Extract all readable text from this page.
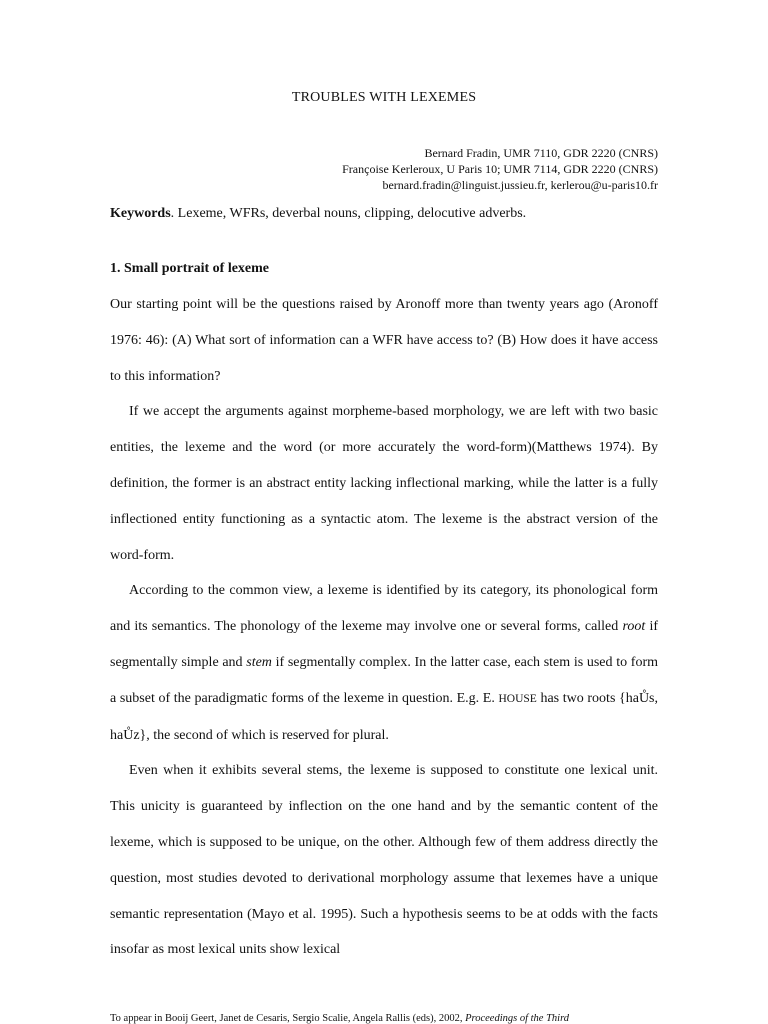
TROUBLES WITH LEXEMES
Bernard Fradin, UMR 7110, GDR 2220 (CNRS)
Françoise Kerleroux, U Paris 10; UMR 7114, GDR 2220 (CNRS)
bernard.fradin@linguist.jussieu.fr, kerlerou@u-paris10.fr
Keywords. Lexeme, WFRs, deverbal nouns, clipping, delocutive adverbs.
1. Small portrait of lexeme

Our starting point will be the questions raised by Aronoff more than twenty years ago (Aronoff 1976: 46): (A) What sort of information can a WFR have access to? (B) How does it have access to this information?

If we accept the arguments against morpheme-based morphology, we are left with two basic entities, the lexeme and the word (or more accurately the word-form)(Matthews 1974). By definition, the former is an abstract entity lacking inflectional marking, while the latter is a fully inflectioned entity functioning as a syntactic atom. The lexeme is the abstract version of the word-form.

According to the common view, a lexeme is identified by its category, its phonological form and its semantics. The phonology of the lexeme may involve one or several forms, called root if segmentally simple and stem if segmentally complex. In the latter case, each stem is used to form a subset of the paradigmatic forms of the lexeme in question. E.g. E. HOUSE has two roots {haŮs, haŮz}, the second of which is reserved for plural.

Even when it exhibits several stems, the lexeme is supposed to constitute one lexical unit. This unicity is guaranteed by inflection on the one hand and by the semantic content of the lexeme, which is supposed to be unique, on the other. Although few of them address directly the question, most studies devoted to derivational morphology assume that lexemes have a unique semantic representation (Mayo et al. 1995). Such a hypothesis seems to be at odds with the facts insofar as most lexical units show lexical

To appear in Booij Geert, Janet de Cesaris, Sergio Scalie, Angela Rallis (eds), 2002, Proceedings of the Third
